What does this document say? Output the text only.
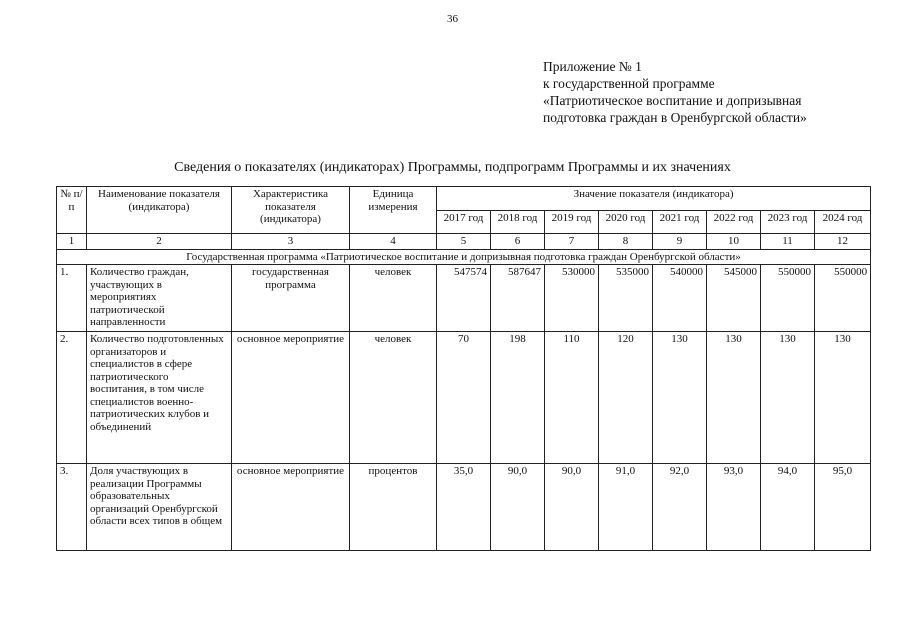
36
Приложение № 1
к государственной программе
«Патриотическое воспитание и допризывная
подготовка граждан в Оренбургской области»
Сведения о показателях (индикаторах) Программы, подпрограмм Программы и их значениях
№ п/п	Наименование показателя (индикатора)	Характеристика показателя (индикатора)	Единица измерения	Значение показателя (индикатора)							
				2017 год	2018 год	2019 год	2020 год	2021 год	2022 год	2023 год	2024 год
1	2	3	4	5	6	7	8	9	10	11	12
Государственная программа «Патриотическое воспитание и допризывная подготовка граждан Оренбургской области»											
1.	Количество граждан, участвующих в мероприятиях патриотической направленности	государственная программа	человек	547574	587647	530000	535000	540000	545000	550000	550000
2.	Количество подготовленных организаторов и специалистов в сфере патриотического воспитания, в том числе специалистов военно-патриотических клубов и объединений	основное мероприятие	человек	70	198	110	120	130	130	130	130
3.	Доля участвующих в реализации Программы образовательных организаций Оренбургской области всех типов в общем	основное мероприятие	процентов	35,0	90,0	90,0	91,0	92,0	93,0	94,0	95,0
